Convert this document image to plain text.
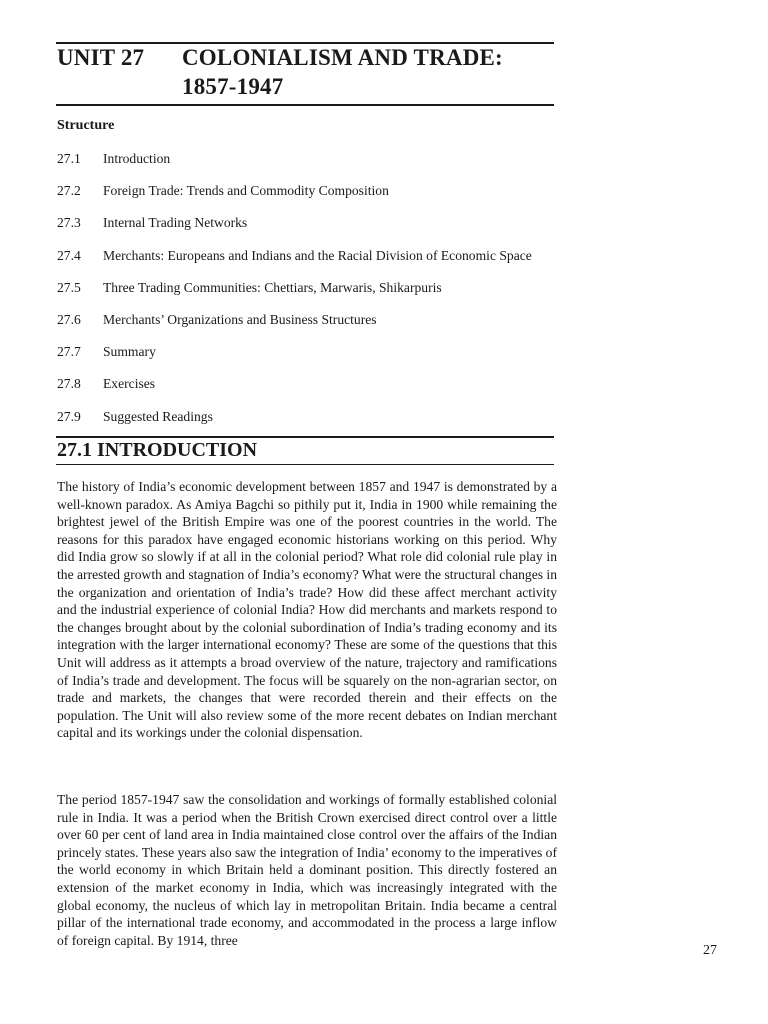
UNIT 27 COLONIALISM AND TRADE: 1857-1947
Structure
27.1 Introduction
27.2 Foreign Trade: Trends and Commodity Composition
27.3 Internal Trading Networks
27.4 Merchants: Europeans and Indians and the Racial Division of Economic Space
27.5 Three Trading Communities: Chettiars, Marwaris, Shikarpuris
27.6 Merchants’ Organizations and Business Structures
27.7 Summary
27.8 Exercises
27.9 Suggested Readings
27.1 INTRODUCTION

The history of India’s economic development between 1857 and 1947 is demonstrated by a well-known paradox. As Amiya Bagchi so pithily put it, India in 1900 while remaining the brightest jewel of the British Empire was one of the poorest countries in the world. The reasons for this paradox have engaged economic historians working on this period. Why did India grow so slowly if at all in the colonial period? What role did colonial rule play in the arrested growth and stagnation of India’s economy? What were the structural changes in the organization and orientation of India’s trade? How did these affect merchant activity and the industrial experience of colonial India? How did merchants and markets respond to the changes brought about by the colonial subordination of India’s trading economy and its integration with the larger international economy? These are some of the questions that this Unit will address as it attempts a broad overview of the nature, trajectory and ramifications of India’s trade and development. The focus will be squarely on the non-agrarian sector, on trade and markets, the changes that were recorded therein and their effects on the population. The Unit will also review some of the more recent debates on Indian merchant capital and its workings under the colonial dispensation.

The period 1857-1947 saw the consolidation and workings of formally established colonial rule in India. It was a period when the British Crown exercised direct control over a little over 60 per cent of land area in India maintained close control over the affairs of the Indian princely states. These years also saw the integration of India’ economy to the imperatives of the world economy in which Britain held a dominant position. This directly fostered an extension of the market economy in India, which was increasingly integrated with the global economy, the nucleus of which lay in metropolitan Britain. India became a central pillar of the international trade economy, and accommodated in the process a large inflow of foreign capital. By 1914, three

27
